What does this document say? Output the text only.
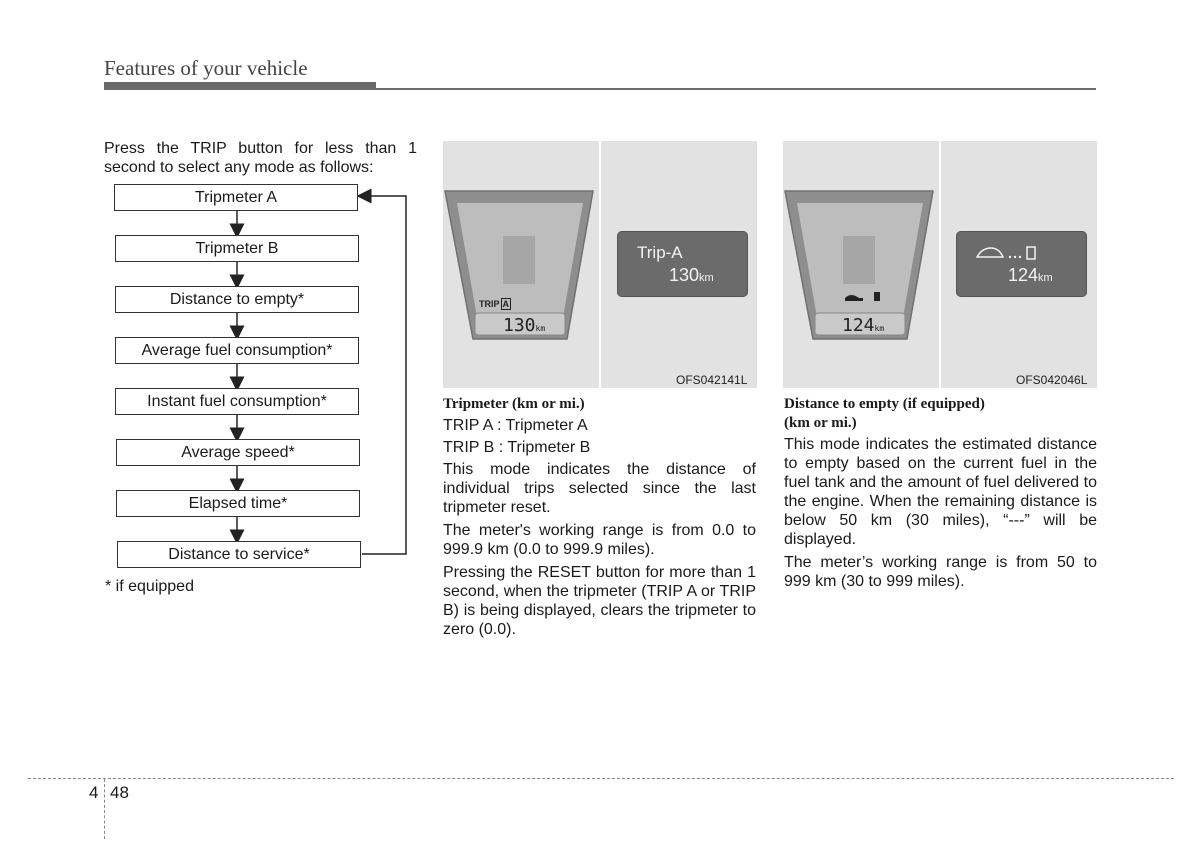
Features of your vehicle
Press the TRIP button for less than 1 second to select any mode as follows:
Tripmeter A
Tripmeter B
Distance to empty*
Average fuel consumption*
Instant fuel consumption*
Average speed*
Elapsed time*
Distance to service*
* if equipped
TRIP A
130km
Trip-A
130km
OFS042141L
124km
124km
OFS042046L
Tripmeter (km or mi.)

TRIP A : Tripmeter A

TRIP B : Tripmeter B

This mode indicates the distance of individual trips selected since the last tripmeter reset.

The meter's working range is from 0.0 to 999.9 km (0.0 to 999.9 miles).

Pressing the RESET button for more than 1 second, when the tripmeter (TRIP A or TRIP B) is being displayed, clears the tripmeter to zero (0.0).

Distance to empty (if equipped)
(km or mi.)

This mode indicates the estimated distance to empty based on the current fuel in the fuel tank and the amount of fuel delivered to the engine. When the remaining distance is below 50 km (30 miles), “---” will be displayed.

The meter’s working range is from 50 to 999 km (30 to 999 miles).

4 48
